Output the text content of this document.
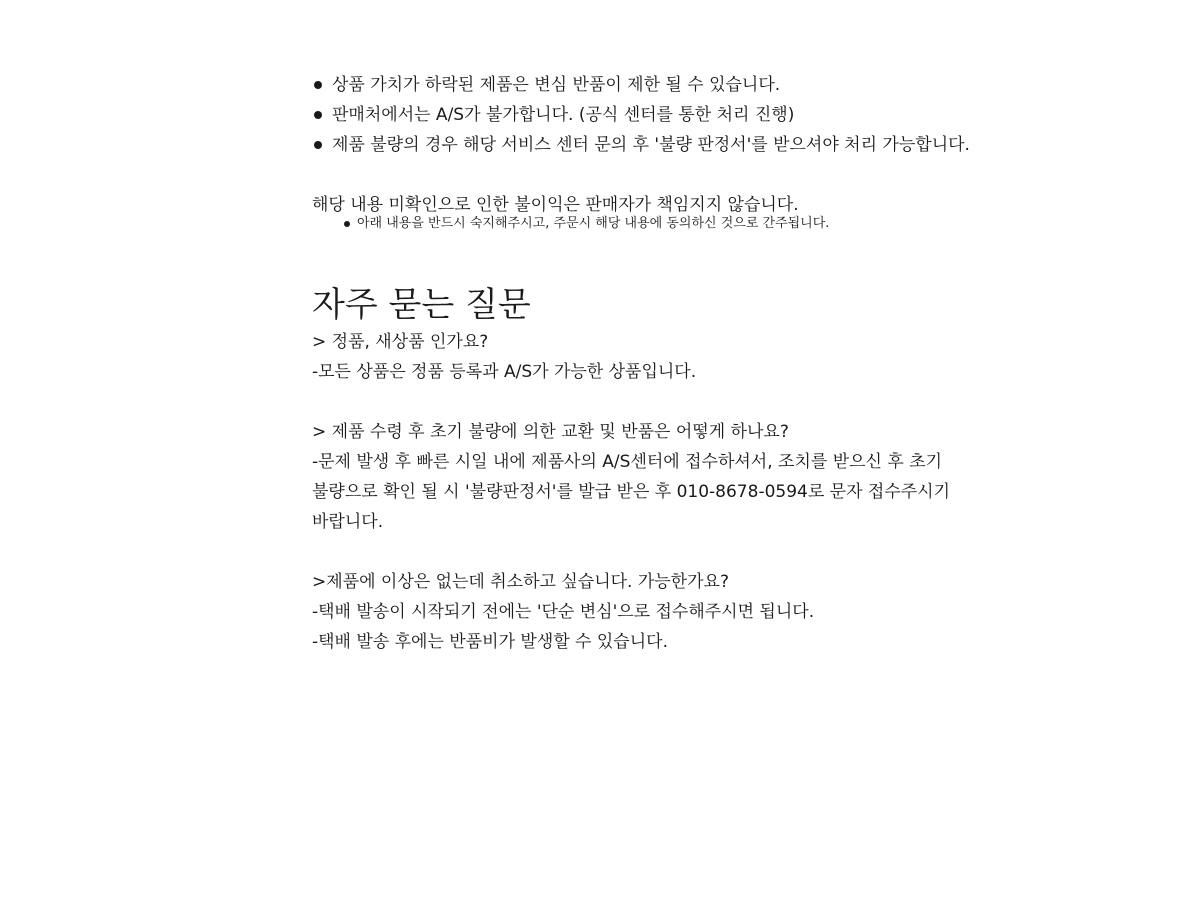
상품 가치가 하락된 제품은 변심 반품이 제한 될 수 있습니다.
판매처에서는 A/S가 불가합니다. (공식 센터를 통한 처리 진행)
제품 불량의 경우 해당 서비스 센터 문의 후 '불량 판정서'를 받으셔야 처리 가능합니다.
해당 내용 미확인으로 인한 불이익은 판매자가 책임지지 않습니다.
아래 내용을 반드시 숙지해주시고, 주문시 해당 내용에 동의하신 것으로 간주됩니다.
자주 묻는 질문
> 정품, 새상품 인가요?
-모든 상품은 정품 등록과 A/S가 가능한 상품입니다.
> 제품 수령 후 초기 불량에 의한 교환 및 반품은 어떻게 하나요?
-문제 발생 후 빠른 시일 내에 제품사의 A/S센터에 접수하셔서, 조치를 받으신 후 초기 불량으로 확인 될 시 '불량판정서'를 발급 받은 후 010-8678-0594로 문자 접수주시기 바랍니다.
>제품에 이상은 없는데 취소하고 싶습니다. 가능한가요?
-택배 발송이 시작되기 전에는 '단순 변심'으로 접수해주시면 됩니다.
-택배 발송 후에는 반품비가 발생할 수 있습니다.
